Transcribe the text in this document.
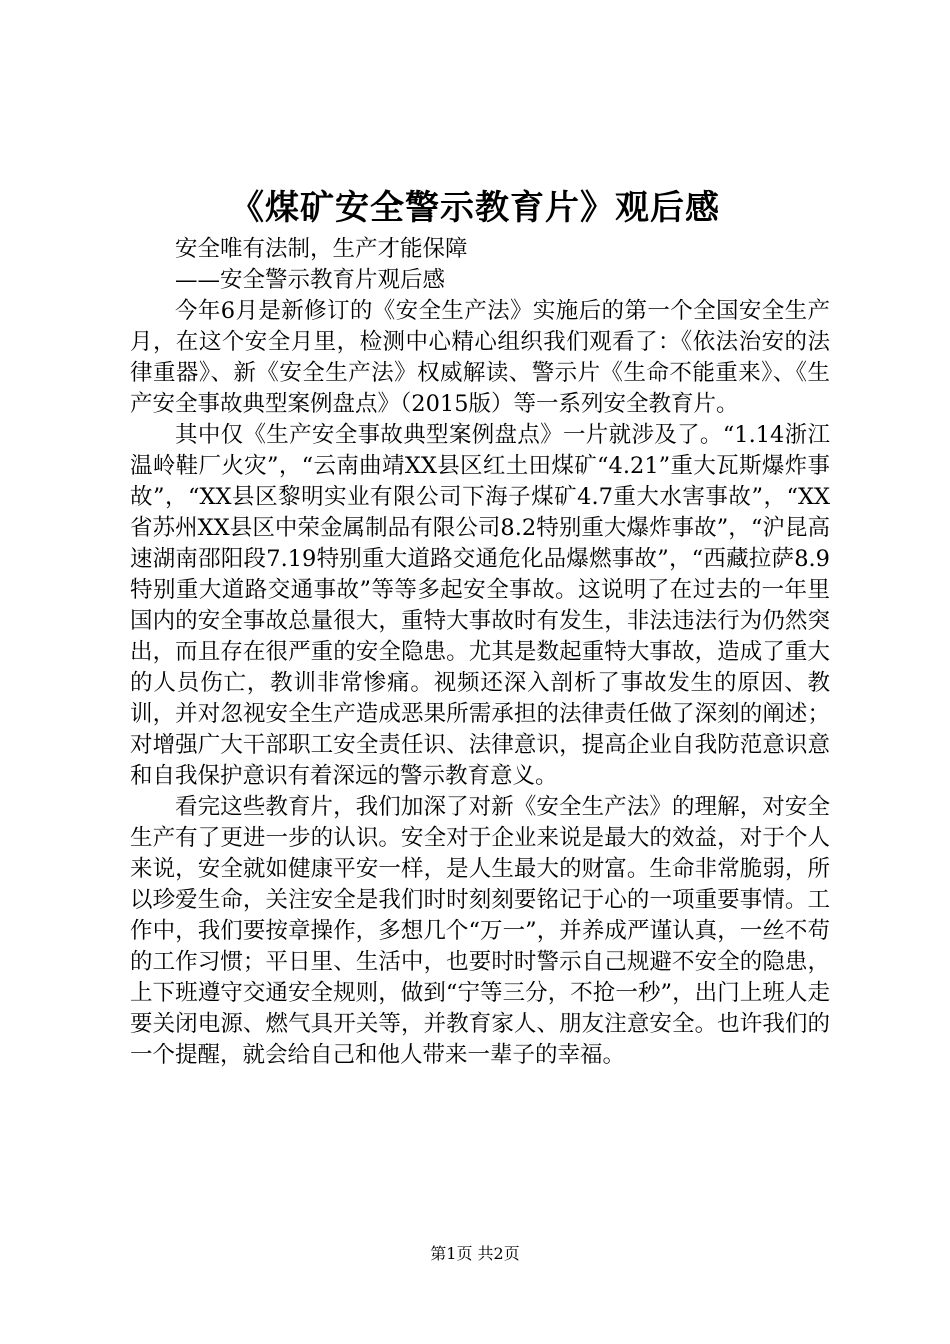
《煤矿安全警示教育片》观后感

安全唯有法制，生产才能保障

——安全警示教育片观后感

今年6月是新修订的《安全生产法》实施后的第一个全国安全生产月，在这个安全月里，检测中心精心组织我们观看了：《依法治安的法律重器》、新《安全生产法》权威解读、警示片《生命不能重来》、《生产安全事故典型案例盘点》（2015版）等一系列安全教育片。

其中仅《生产安全事故典型案例盘点》一片就涉及了。“1.14浙江温岭鞋厂火灾”，“云南曲靖XX县区红土田煤矿“4.21”重大瓦斯爆炸事故”，“XX县区黎明实业有限公司下海子煤矿4.7重大水害事故”，“XX省苏州XX县区中荣金属制品有限公司8.2特别重大爆炸事故”，“沪昆高速湖南邵阳段7.19特别重大道路交通危化品爆燃事故”，“西藏拉萨8.9特别重大道路交通事故”等等多起安全事故。这说明了在过去的一年里国内的安全事故总量很大，重特大事故时有发生，非法违法行为仍然突出，而且存在很严重的安全隐患。尤其是数起重特大事故，造成了重大的人员伤亡，教训非常惨痛。视频还深入剖析了事故发生的原因、教训，并对忽视安全生产造成恶果所需承担的法律责任做了深刻的阐述；对增强广大干部职工安全责任识、法律意识，提高企业自我防范意识意和自我保护意识有着深远的警示教育意义。

看完这些教育片，我们加深了对新《安全生产法》的理解，对安全生产有了更进一步的认识。安全对于企业来说是最大的效益，对于个人来说，安全就如健康平安一样，是人生最大的财富。生命非常脆弱，所以珍爱生命，关注安全是我们时时刻刻要铭记于心的一项重要事情。工作中，我们要按章操作，多想几个“万一”，并养成严谨认真，一丝不苟的工作习惯；平日里、生活中，也要时时警示自己规避不安全的隐患，上下班遵守交通安全规则，做到“宁等三分，不抢一秒”，出门上班人走要关闭电源、燃气具开关等，并教育家人、朋友注意安全。也许我们的一个提醒，就会给自己和他人带来一辈子的幸福。

第1页 共2页
